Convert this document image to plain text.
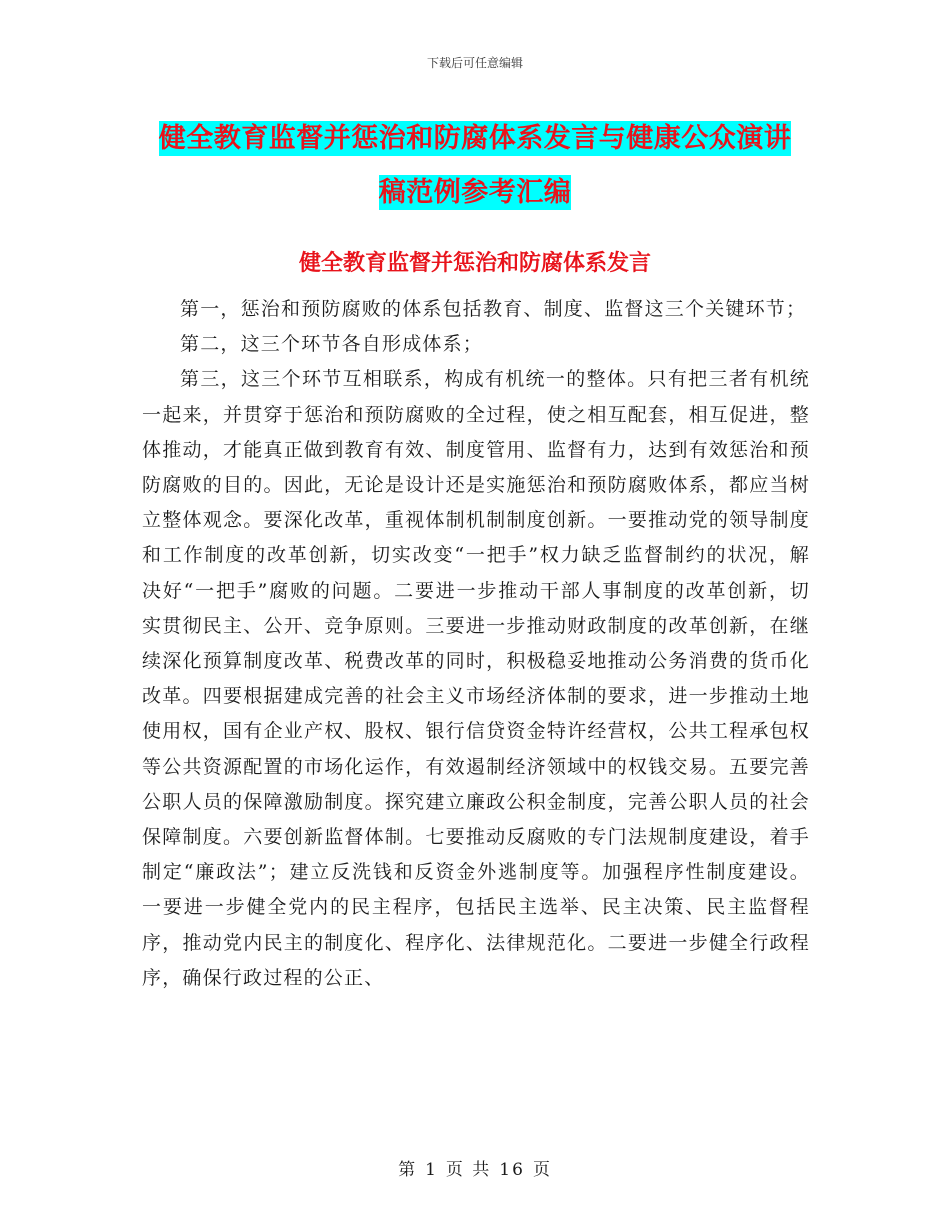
下载后可任意编辑
健全教育监督并惩治和防腐体系发言与健康公众演讲
稿范例参考汇编
健全教育监督并惩治和防腐体系发言

第一，惩治和预防腐败的体系包括教育、制度、监督这三个关键环节；

第二，这三个环节各自形成体系；

第三，这三个环节互相联系，构成有机统一的整体。只有把三者有机统一起来，并贯穿于惩治和预防腐败的全过程，使之相互配套，相互促进，整体推动，才能真正做到教育有效、制度管用、监督有力，达到有效惩治和预防腐败的目的。因此，无论是设计还是实施惩治和预防腐败体系，都应当树立整体观念。要深化改革，重视体制机制制度创新。一要推动党的领导制度和工作制度的改革创新，切实改变“一把手”权力缺乏监督制约的状况，解决好“一把手”腐败的问题。二要进一步推动干部人事制度的改革创新，切实贯彻民主、公开、竞争原则。三要进一步推动财政制度的改革创新，在继续深化预算制度改革、税费改革的同时，积极稳妥地推动公务消费的货币化改革。四要根据建成完善的社会主义市场经济体制的要求，进一步推动土地使用权，国有企业产权、股权、银行信贷资金特许经营权，公共工程承包权等公共资源配置的市场化运作，有效遏制经济领域中的权钱交易。五要完善公职人员的保障激励制度。探究建立廉政公积金制度，完善公职人员的社会保障制度。六要创新监督体制。七要推动反腐败的专门法规制度建设，着手制定“廉政法”；建立反洗钱和反资金外逃制度等。加强程序性制度建设。一要进一步健全党内的民主程序，包括民主选举、民主决策、民主监督程序，推动党内民主的制度化、程序化、法律规范化。二要进一步健全行政程序，确保行政过程的公正、

第 1 页 共 16 页
